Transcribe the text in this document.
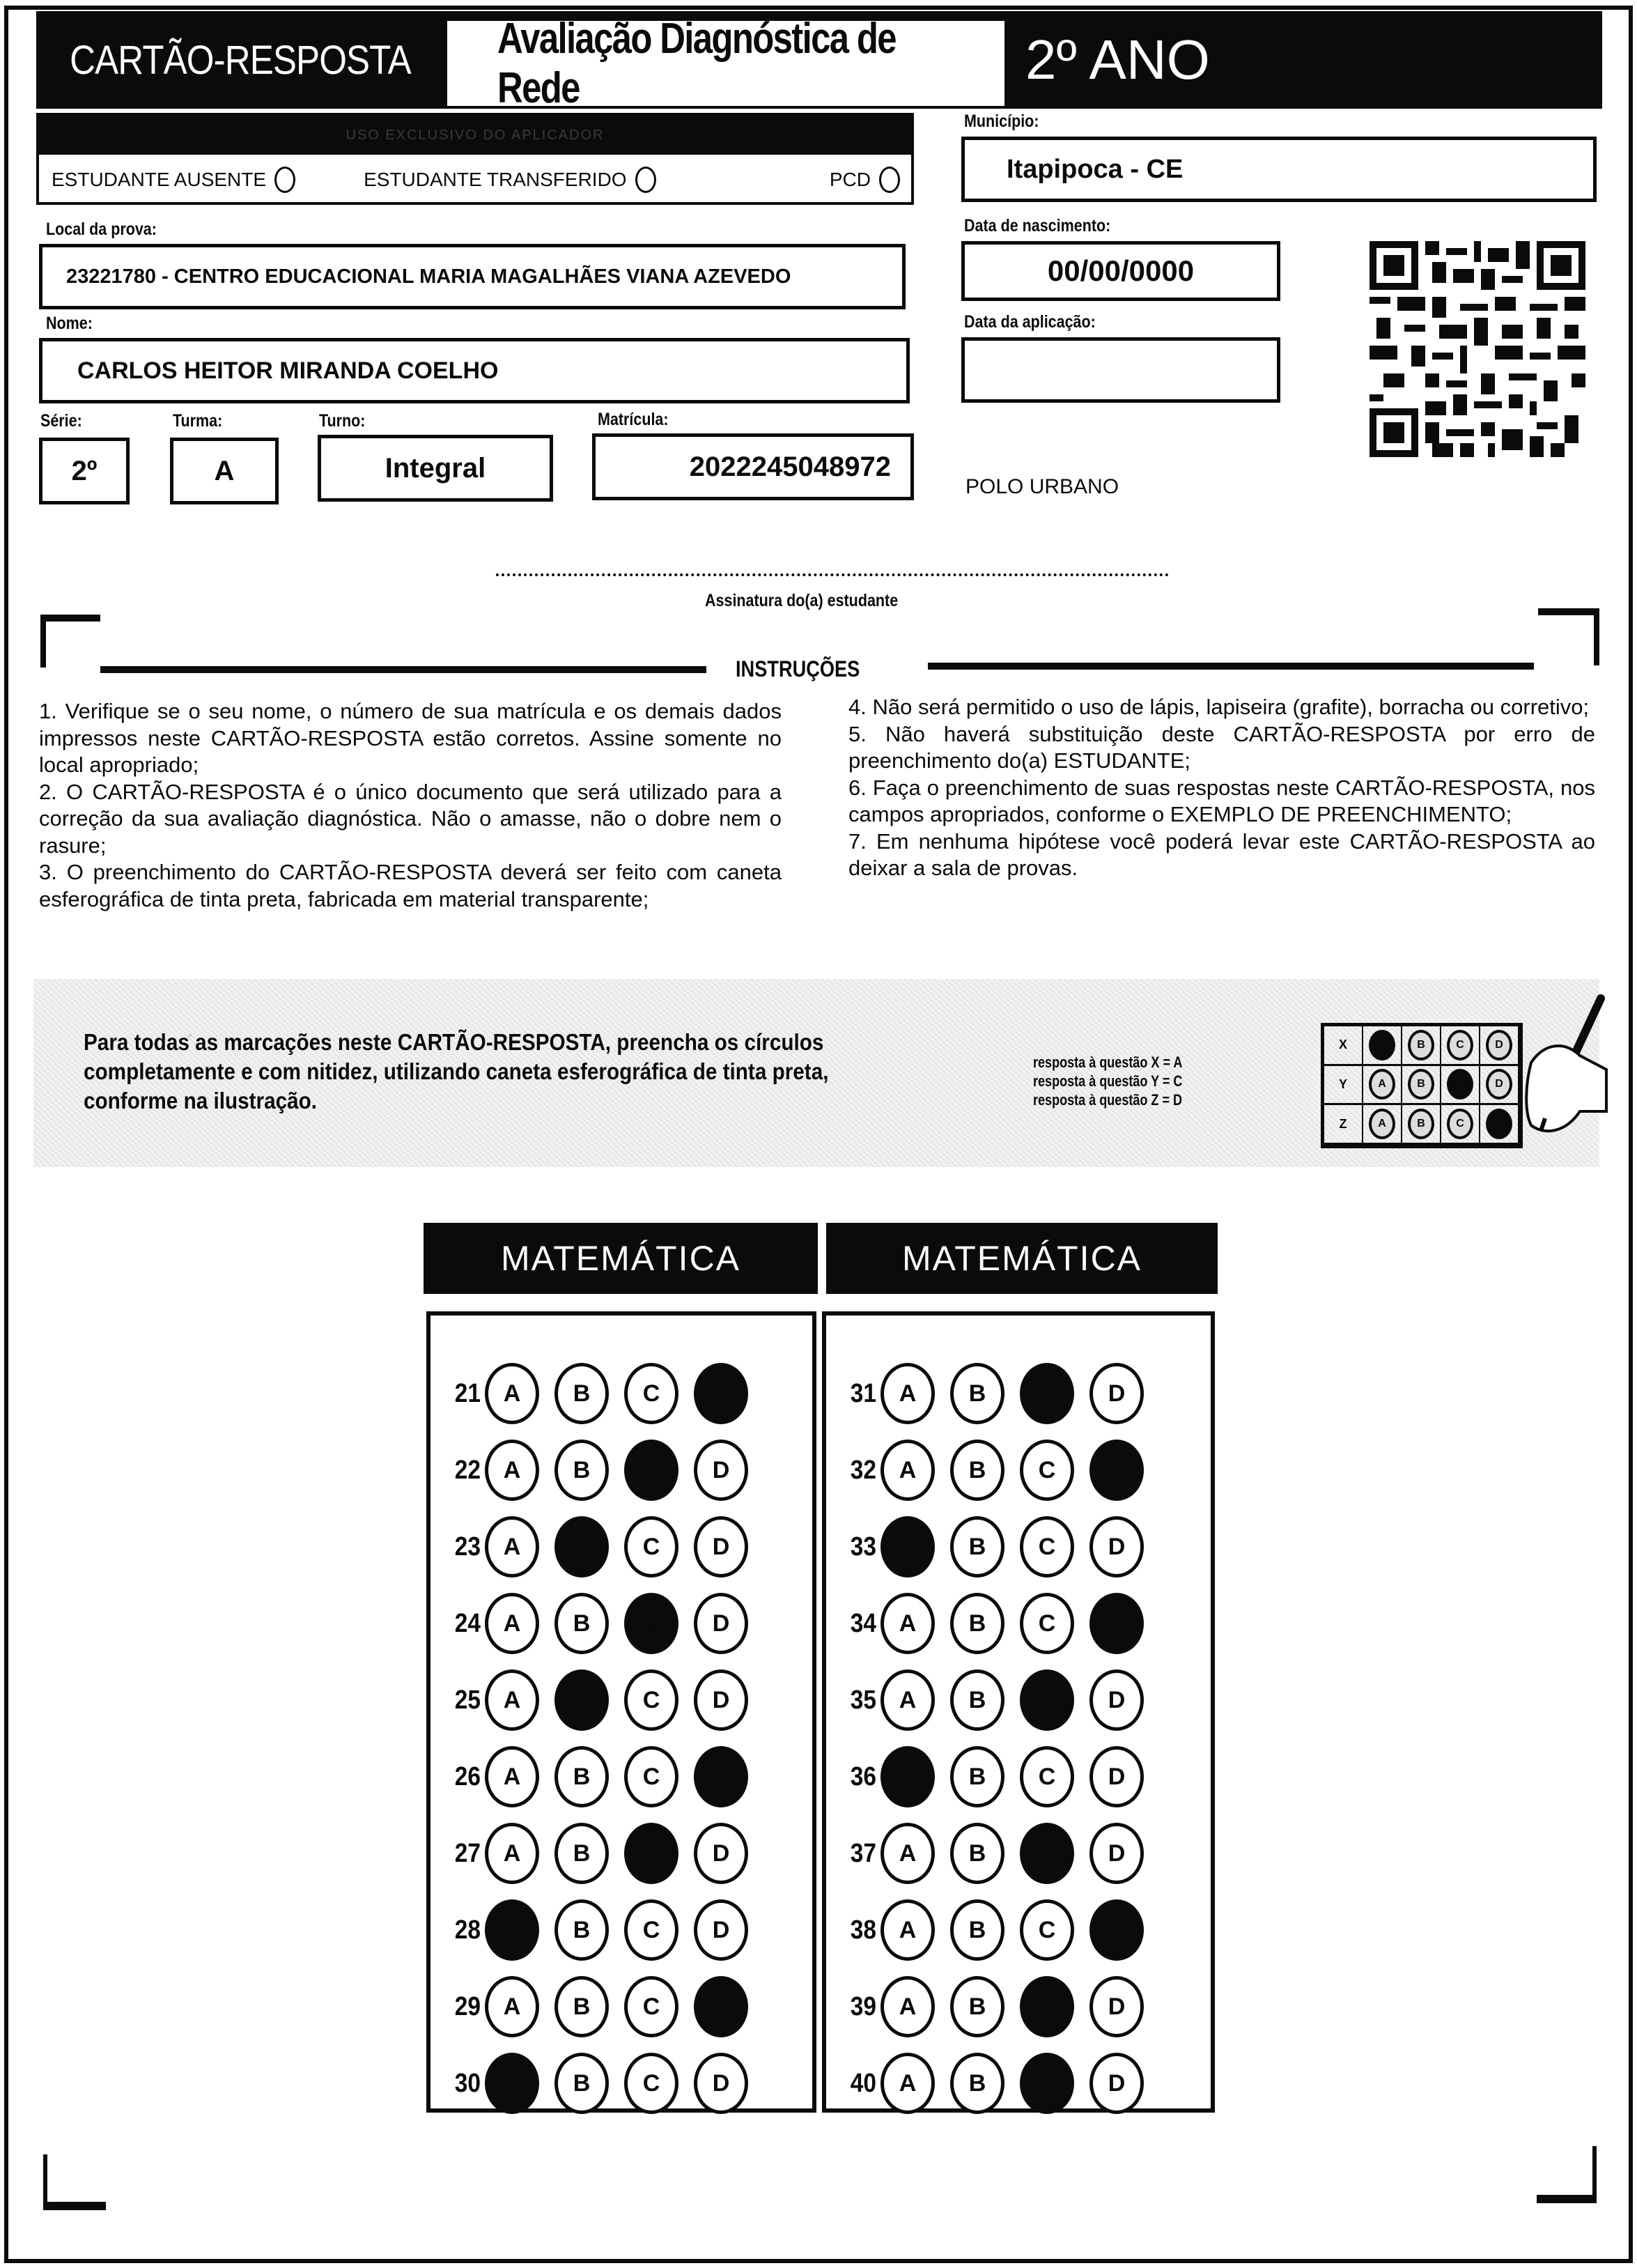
CARTÃO-RESPOSTA Avaliação Diagnóstica de Rede	2º ANO
USO EXCLUSIVO DO APLICADOR
ESTUDANTE AUSENTE	ESTUDANTE TRANSFERIDO	PCD
Município:
Itapipoca - CE
Local da prova:
23221780 - CENTRO EDUCACIONAL MARIA MAGALHÃES VIANA AZEVEDO
Data de nascimento:
00/00/0000
Data da aplicação:
Nome:
CARLOS HEITOR MIRANDA COELHO
Série:
2º
Turma:
A
Turno:
Integral
Matrícula:
2022245048972
POLO URBANO
Assinatura do(a) estudante
INSTRUÇÕES

1. Verifique se o seu nome, o número de sua matrícula e os demais dados impressos neste CARTÃO-RESPOSTA estão corretos. Assine somente no local apropriado;

2. O CARTÃO-RESPOSTA é o único documento que será utilizado para a correção da sua avaliação diagnóstica. Não o amasse, não o dobre nem o rasure;

3. O preenchimento do CARTÃO-RESPOSTA deverá ser feito com caneta esferográfica de tinta preta, fabricada em material transparente;

4. Não será permitido o uso de lápis, lapiseira (grafite), borracha ou corretivo;

5. Não haverá substituição deste CARTÃO-RESPOSTA por erro de preenchimento do(a) ESTUDANTE;

6. Faça o preenchimento de suas respostas neste CARTÃO-RESPOSTA, nos campos apropriados, conforme o EXEMPLO DE PREENCHIMENTO;

7. Em nenhuma hipótese você poderá levar este CARTÃO-RESPOSTA ao deixar a sala de provas.

Para todas as marcações neste CARTÃO-RESPOSTA, preencha os círculos completamente e com nitidez, utilizando caneta esferográfica de tinta preta, conforme na ilustração.
resposta à questão X = A
resposta à questão Y = C
resposta à questão Z = D
X	A	B	C	D
Y	A	B	C	D
Z	A	B	C	D
MATEMÁTICA	MATEMÁTICA
21 A	B	C	D
22 A	B	C	D
23 A	B	C	D
24 A	B	C	D
25 A	B	C	D
26 A	B	C	D
27 A	B	C	D
28 A	B	C	D
29 A	B	C	D
30 A	B	C	D
31 A	B	C	D
32 A	B	C	D
33 A	B	C	D
34 A	B	C	D
35 A	B	C	D
36 A	B	C	D
37 A	B	C	D
38 A	B	C	D
39 A	B	C	D
40 A	B	C	D
